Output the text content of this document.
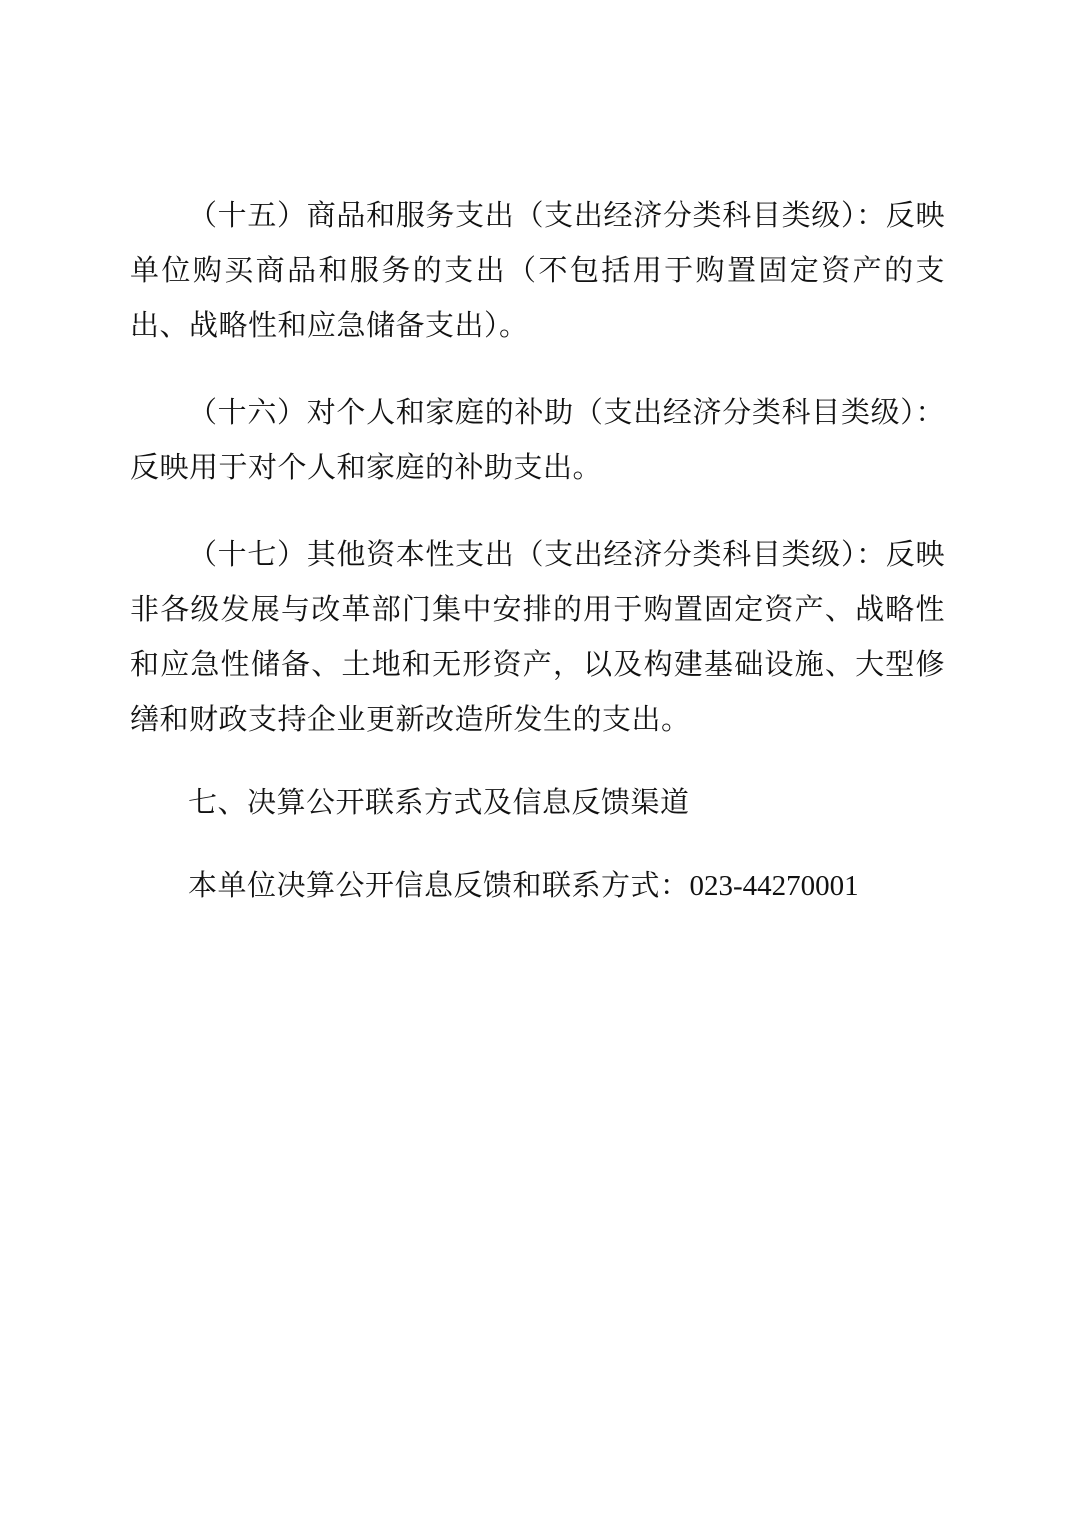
（十五）商品和服务支出（支出经济分类科目类级）：反映单位购买商品和服务的支出（不包括用于购置固定资产的支出、战略性和应急储备支出）。

（十六）对个人和家庭的补助（支出经济分类科目类级）：反映用于对个人和家庭的补助支出。

（十七）其他资本性支出（支出经济分类科目类级）：反映非各级发展与改革部门集中安排的用于购置固定资产、战略性和应急性储备、土地和无形资产，以及构建基础设施、大型修缮和财政支持企业更新改造所发生的支出。

七、决算公开联系方式及信息反馈渠道

本单位决算公开信息反馈和联系方式：023-44270001
